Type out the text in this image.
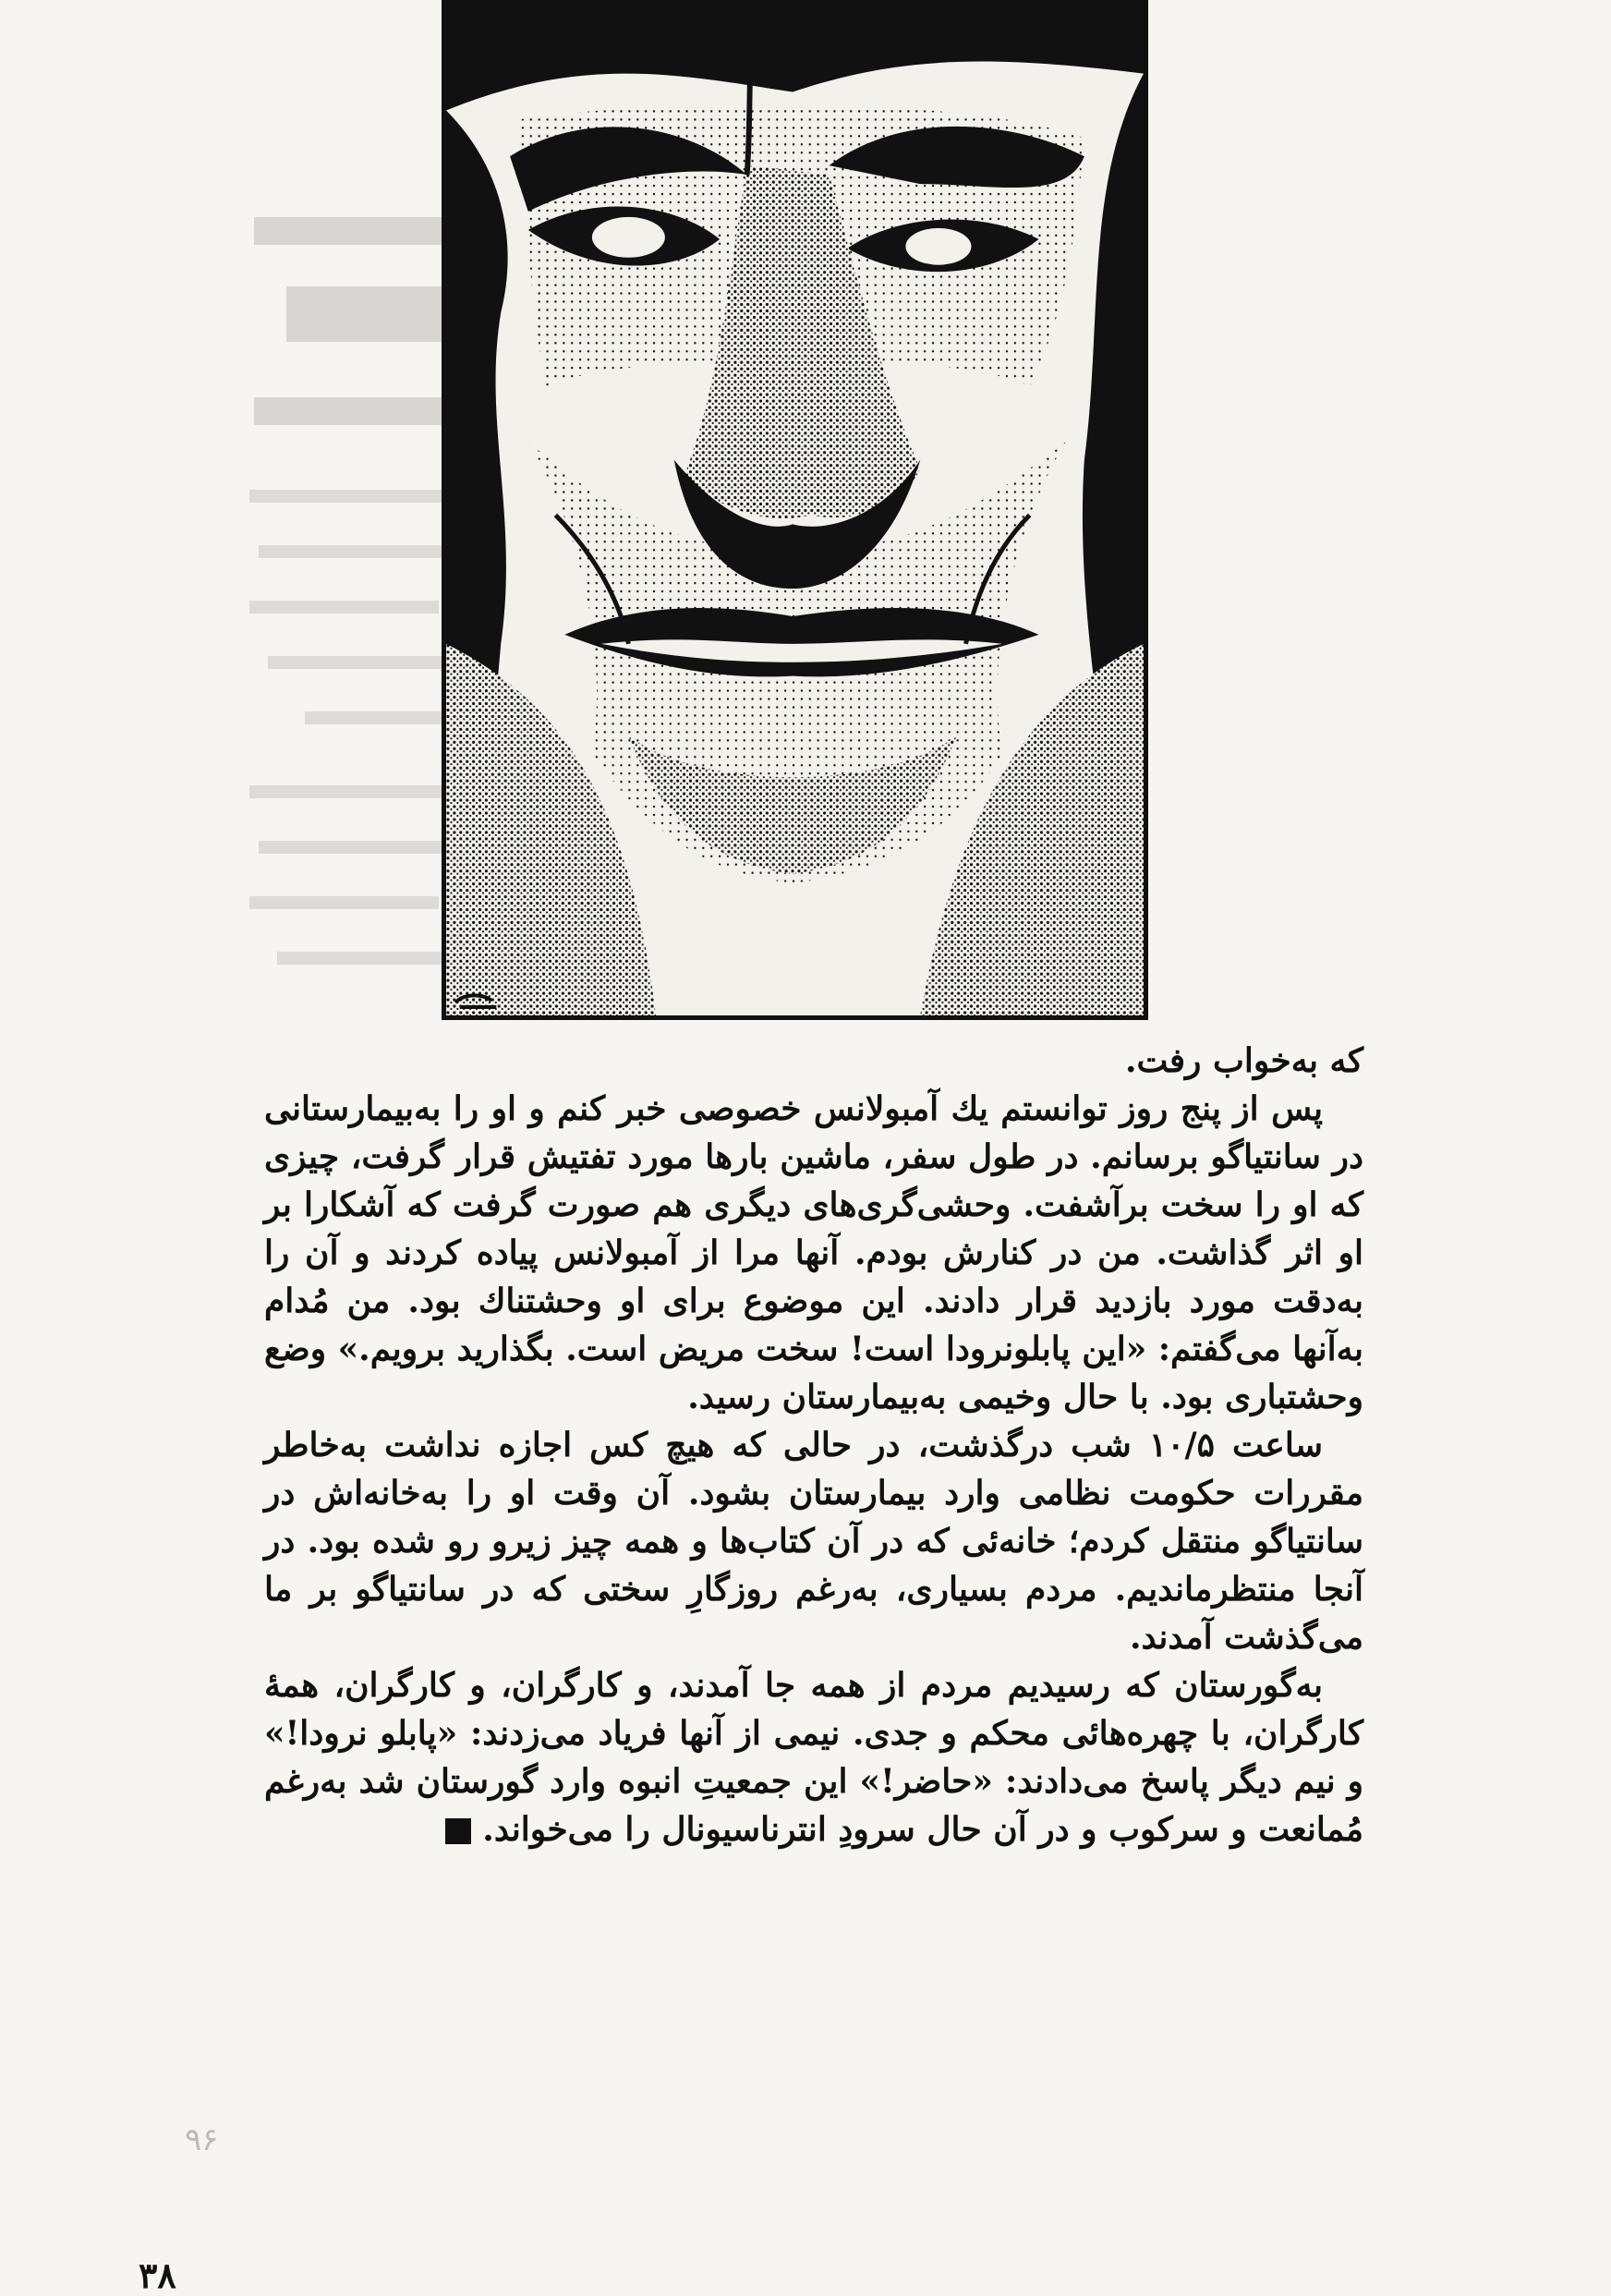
که به‌خواب رفت.

پس از پنج روز توانستم یك آمبولانس خصوصی خبر کنم و او را به‌بیمارستانی در سانتیاگو برسانم. در طول سفر، ماشین بارها مورد تفتیش قرار گرفت، چیزی که او را سخت برآشفت. وحشی‌گری‌های دیگری هم صورت گرفت که آشکارا بر او اثر گذاشت. من در کنارش بودم. آنها مرا از آمبولانس پیاده کردند و آن را به‌دقت مورد بازدید قرار دادند. این موضوع برای او وحشتناك بود. من مُدام به‌آنها می‌گفتم: «این پابلونرودا است! سخت مریض است. بگذارید برویم.» وضع وحشتباری بود. با حال وخیمی به‌بیمارستان رسید.

ساعت ۱۰/۵ شب درگذشت، در حالی که هیچ کس اجازه نداشت به‌خاطر مقررات حکومت نظامی وارد بیمارستان بشود. آن وقت او را به‌خانه‌اش در سانتیاگو منتقل کردم؛ خانه‌ئی که در آن کتاب‌ها و همه چیز زیرو رو شده بود. در آنجا منتظرماندیم. مردم بسیاری، به‌رغم روزگارِ سختی که در سانتیاگو بر ما می‌گذشت آمدند.

به‌گورستان که رسیدیم مردم از همه جا آمدند، و کارگران، و کارگران، همهٔ کارگران، با چهره‌هائی محکم و جدی. نیمی از آنها فریاد می‌زدند: «پابلو نرودا!» و نیم دیگر پاسخ می‌دادند: «حاضر!» این جمعیتِ انبوه وارد گورستان شد به‌رغم مُمانعت و سرکوب و در آن حال سرودِ انترناسیونال را می‌خواند.

۹۶
۳۸
